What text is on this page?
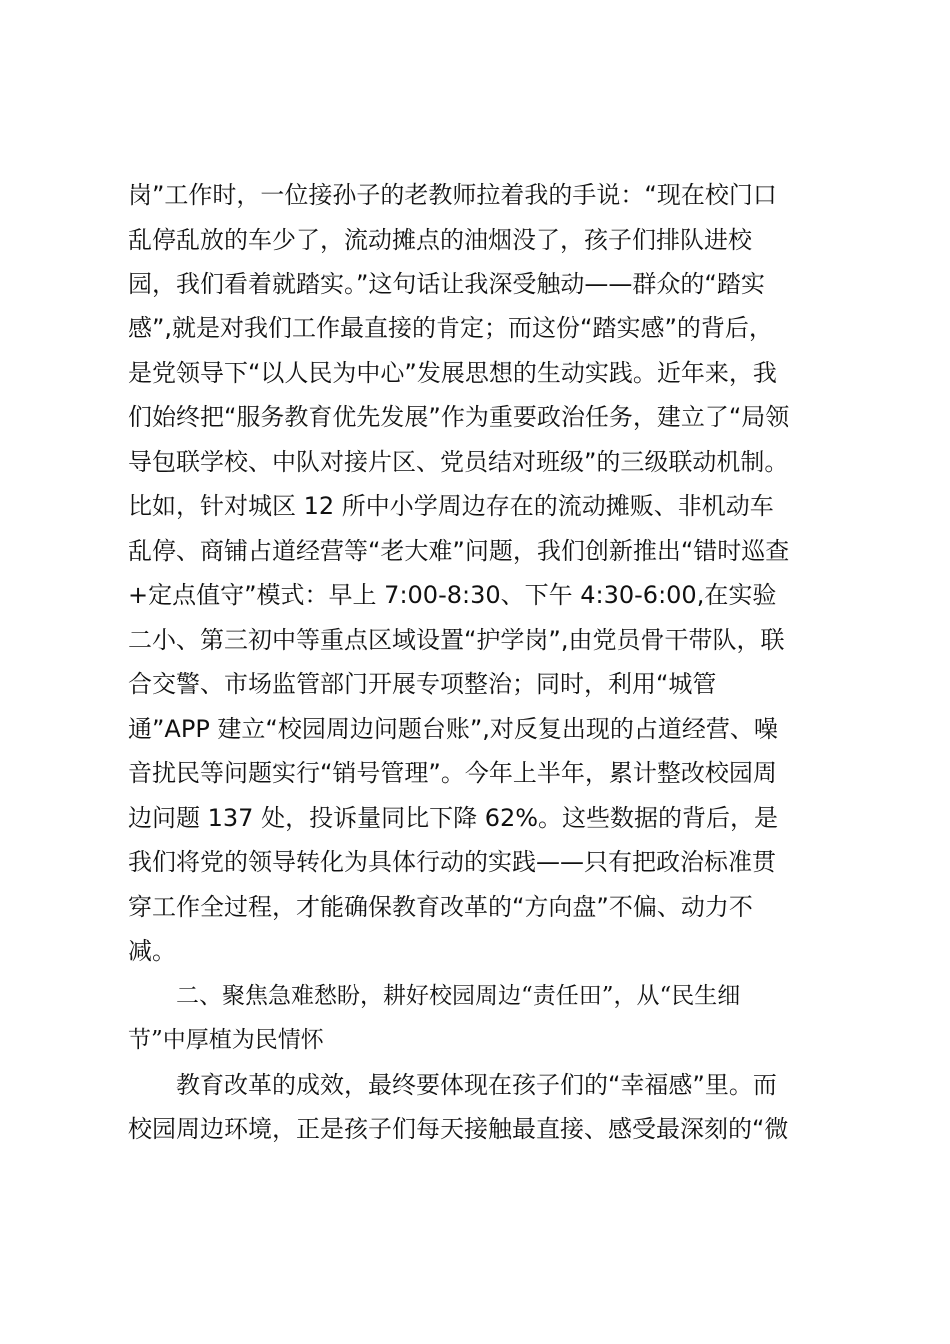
岗”工作时，一位接孙子的老教师拉着我的手说：“现在校门口
乱停乱放的车少了，流动摊点的油烟没了，孩子们排队进校
园，我们看着就踏实。”这句话让我深受触动——群众的“踏实
感”,就是对我们工作最直接的肯定；而这份“踏实感”的背后，
是党领导下“以人民为中心”发展思想的生动实践。近年来，我
们始终把“服务教育优先发展”作为重要政治任务，建立了“局领
导包联学校、中队对接片区、党员结对班级”的三级联动机制。
比如，针对城区 12 所中小学周边存在的流动摊贩、非机动车
乱停、商铺占道经营等“老大难”问题，我们创新推出“错时巡查
+定点值守”模式：早上 7:00-8:30、下午 4:30-6:00,在实验
二小、第三初中等重点区域设置“护学岗”,由党员骨干带队，联
合交警、市场监管部门开展专项整治；同时，利用“城管
通”APP 建立“校园周边问题台账”,对反复出现的占道经营、噪
音扰民等问题实行“销号管理”。今年上半年，累计整改校园周
边问题 137 处，投诉量同比下降 62%。这些数据的背后，是
我们将党的领导转化为具体行动的实践——只有把政治标准贯
穿工作全过程，才能确保教育改革的“方向盘”不偏、动力不
减。
二、聚焦急难愁盼，耕好校园周边“责任田”，从“民生细
节”中厚植为民情怀
教育改革的成效，最终要体现在孩子们的“幸福感”里。而
校园周边环境，正是孩子们每天接触最直接、感受最深刻的“微
